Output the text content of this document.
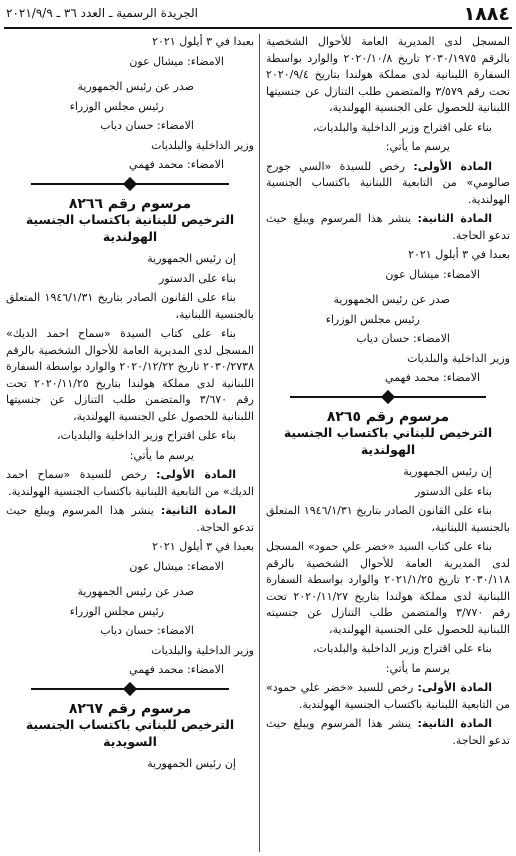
١٨٨٤
الجريدة الرسمية ـ العدد ٣٦ ـ ٢٠٢١/٩/٩

المسجل لدى المديرية العامة للأحوال الشخصية بالرقم ٢٠٣٠/١٩٧٥ تاريخ ٢٠٢٠/١٠/٨ والوارد بواسطة السفارة اللبنانية لدى مملكة هولندا بتاريخ ٢٠٢٠/٩/٤ تحت رقم ٣/٥٧٩ والمتضمن طلب التنازل عن جنسيتها اللبنانية للحصول على الجنسية الهولندية،

بناء على اقتراح وزير الداخلية والبلديات،

يرسم ما يأتي:

المادة الأولى: رخص للسيدة «السي جورج صالومي» من التابعية اللبنانية باكتساب الجنسية الهولندية.

المادة الثانية: ينشر هذا المرسوم ويبلغ حيث تدعو الحاجة.

بعبدا في ٣ أيلول ٢٠٢١

الامضاء: ميشال عون

صدر عن رئيس الجمهورية

رئيس مجلس الوزراء

الامضاء: حسان دياب

وزير الداخلية والبلديات

الامضاء: محمد فهمي

مرسوم رقم ٨٢٦٥
الترخيص للبناني باكتساب الجنسية الهولندية

إن رئيس الجمهورية

بناء على الدستور

بناء على القانون الصادر بتاريخ ١٩٤٦/١/٣١ المتعلق بالجنسية اللبنانية،

بناء على كتاب السيد «خضر علي حمود» المسجل لدى المديرية العامة للأحوال الشخصية بالرقم ٢٠٣٠/١١٨ تاريخ ٢٠٢١/١/٢٥ والوارد بواسطة السفارة اللبنانية لدى مملكة هولندا بتاريخ ٢٠٢٠/١١/٢٧ تحت رقم ٣/٧٧٠ والمتضمن طلب التنازل عن جنسيته اللبنانية للحصول على الجنسية الهولندية،

بناء على اقتراح وزير الداخلية والبلديات،

يرسم ما يأتي:

المادة الأولى: رخص للسيد «خضر علي حمود» من التابعية اللبنانية باكتساب الجنسية الهولندية.

المادة الثانية: ينشر هذا المرسوم ويبلغ حيث تدعو الحاجة.

بعبدا في ٣ أيلول ٢٠٢١

الامضاء: ميشال عون

صدر عن رئيس الجمهورية

رئيس مجلس الوزراء

الامضاء: حسان دياب

وزير الداخلية والبلديات

الامضاء: محمد فهمي

مرسوم رقم ٨٢٦٦
الترخيص للبنانية باكتساب الجنسية الهولندية

إن رئيس الجمهورية

بناء على الدستور

بناء على القانون الصادر بتاريخ ١٩٤٦/١/٣١ المتعلق بالجنسية اللبنانية،

بناء على كتاب السيدة «سماح احمد الديك» المسجل لدى المديرية العامة للأحوال الشخصية بالرقم ٢٠٣٠/٢٧٣٨ تاريخ ٢٠٢٠/١٢/٢٢ والوارد بواسطة السفارة اللبنانية لدى مملكة هولندا بتاريخ ٢٠٢٠/١١/٢٥ تحت رقم ٣/٦٧٠ والمتضمن طلب التنازل عن جنسيتها اللبنانية للحصول على الجنسية الهولندية،

بناء على اقتراح وزير الداخلية والبلديات،

يرسم ما يأتي:

المادة الأولى: رخص للسيدة «سماح احمد الديك» من التابعية اللبنانية باكتساب الجنسية الهولندية.

المادة الثانية: ينشر هذا المرسوم ويبلغ حيث تدعو الحاجة.

بعبدا في ٣ أيلول ٢٠٢١

الامضاء: ميشال عون

صدر عن رئيس الجمهورية

رئيس مجلس الوزراء

الامضاء: حسان دياب

وزير الداخلية والبلديات

الامضاء: محمد فهمي

مرسوم رقم ٨٢٦٧
الترخيص للبناني باكتساب الجنسية السويدية

إن رئيس الجمهورية
